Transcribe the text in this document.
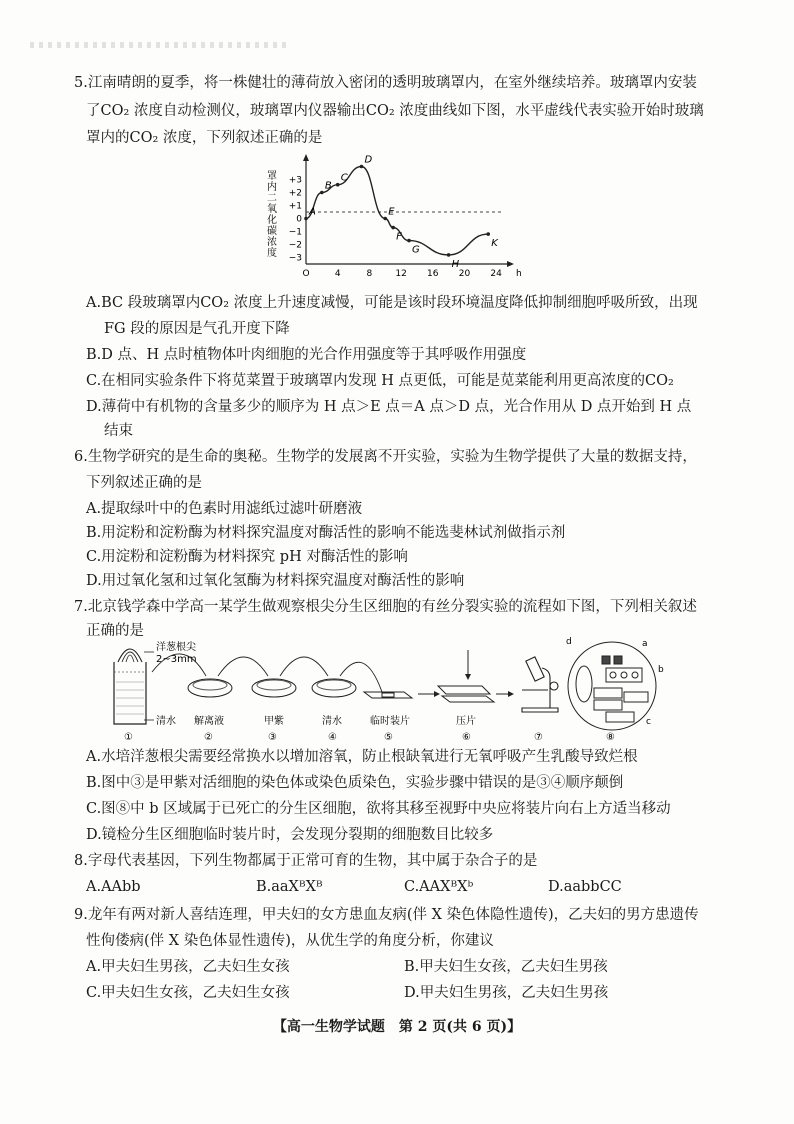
5.江南晴朗的夏季，将一株健壮的薄荷放入密闭的透明玻璃罩内，在室外继续培养。玻璃罩内安装
了CO₂ 浓度自动检测仪，玻璃罩内仪器输出CO₂ 浓度曲线如下图，水平虚线代表实验开始时玻璃
罩内的CO₂ 浓度，下列叙述正确的是
罩内二氧化碳浓度 +3
+2
+1
0
−1
−2
−3
O	4	8	12 16 20 24
A
B
C
D
E
F
G
H
K
h
A.BC 段玻璃罩内CO₂ 浓度上升速度减慢，可能是该时段环境温度降低抑制细胞呼吸所致，出现
FG 段的原因是气孔开度下降
B.D 点、H 点时植物体叶肉细胞的光合作用强度等于其呼吸作用强度
C.在相同实验条件下将苋菜置于玻璃罩内发现 H 点更低，可能是苋菜能利用更高浓度的CO₂
D.薄荷中有机物的含量多少的顺序为 H 点＞E 点＝A 点＞D 点，光合作用从 D 点开始到 H 点
结束
6.生物学研究的是生命的奥秘。生物学的发展离不开实验，实验为生物学提供了大量的数据支持，
下列叙述正确的是
A.提取绿叶中的色素时用滤纸过滤叶研磨液
B.用淀粉和淀粉酶为材料探究温度对酶活性的影响不能选斐林试剂做指示剂
C.用淀粉和淀粉酶为材料探究 pH 对酶活性的影响
D.用过氧化氢和过氧化氢酶为材料探究温度对酶活性的影响
7.北京钱学森中学高一某学生做观察根尖分生区细胞的有丝分裂实验的流程如下图，下列相关叙述
正确的是
洋葱根尖
2~3mm
清水 解离液	甲紫	清水	临时装片	压片
d	a
b
c
①	②	③	④	⑤	⑥	⑦	⑧
A.水培洋葱根尖需要经常换水以增加溶氧，防止根缺氧进行无氧呼吸产生乳酸导致烂根
B.图中③是甲紫对活细胞的染色体或染色质染色，实验步骤中错误的是③④顺序颠倒
C.图⑧中 b 区域属于已死亡的分生区细胞，欲将其移至视野中央应将装片向右上方适当移动
D.镜检分生区细胞临时装片时，会发现分裂期的细胞数目比较多
8.字母代表基因，下列生物都属于正常可育的生物，其中属于杂合子的是
A.AAbb	B.aaXᴮXᴮ	C.AAXᴮXᵇ	D.aabbCC
9.龙年有两对新人喜结连理，甲夫妇的女方患血友病(伴 X 染色体隐性遗传)，乙夫妇的男方患遗传
性佝偻病(伴 X 染色体显性遗传)，从优生学的角度分析，你建议
A.甲夫妇生男孩，乙夫妇生女孩	B.甲夫妇生女孩，乙夫妇生男孩
C.甲夫妇生女孩，乙夫妇生女孩	D.甲夫妇生男孩，乙夫妇生男孩
【高一生物学试题　第 2 页(共 6 页)】
